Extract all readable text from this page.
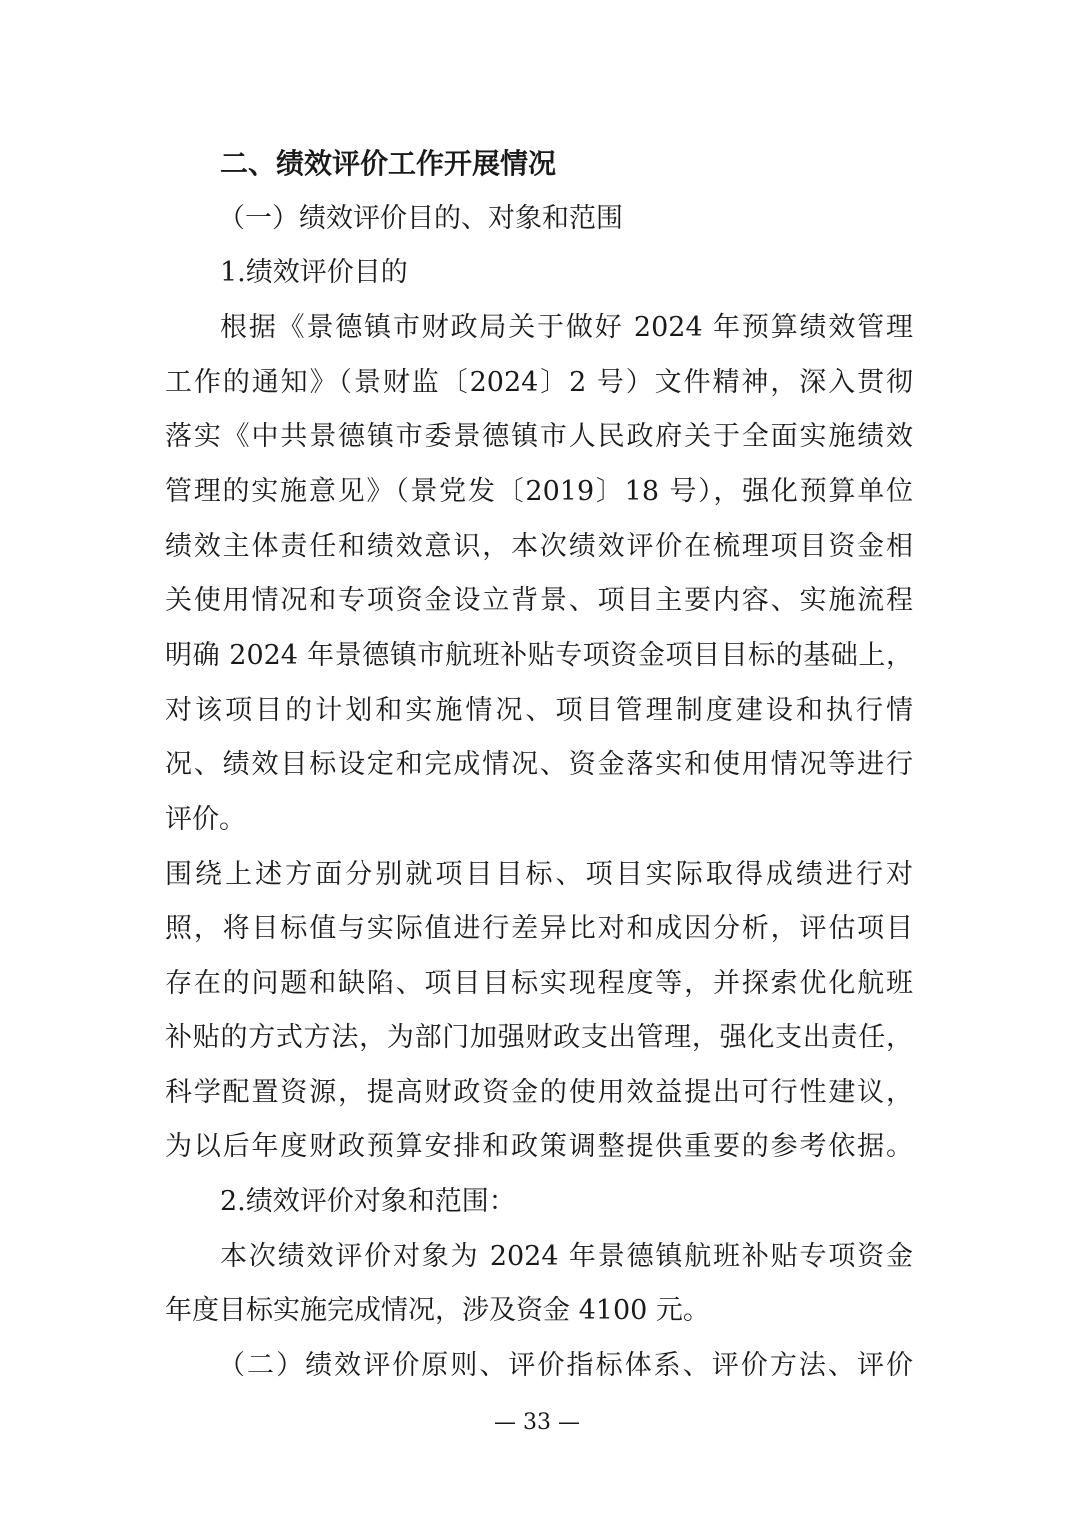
二、绩效评价工作开展情况
（一）绩效评价目的、对象和范围
1.绩效评价目的
根据《景德镇市财政局关于做好 2024 年预算绩效管理
工作的通知》（景财监〔2024〕2 号）文件精神，深入贯彻
落实《中共景德镇市委景德镇市人民政府关于全面实施绩效
管理的实施意见》（景党发〔2019〕18 号），强化预算单位
绩效主体责任和绩效意识，本次绩效评价在梳理项目资金相
关使用情况和专项资金设立背景、项目主要内容、实施流程
明确 2024 年景德镇市航班补贴专项资金项目目标的基础上，
对该项目的计划和实施情况、项目管理制度建设和执行情
况、绩效目标设定和完成情况、资金落实和使用情况等进行
评价。
围绕上述方面分别就项目目标、项目实际取得成绩进行对
照，将目标值与实际值进行差异比对和成因分析，评估项目
存在的问题和缺陷、项目目标实现程度等，并探索优化航班
补贴的方式方法，为部门加强财政支出管理，强化支出责任，
科学配置资源，提高财政资金的使用效益提出可行性建议，
为以后年度财政预算安排和政策调整提供重要的参考依据。
2.绩效评价对象和范围：
本次绩效评价对象为 2024 年景德镇航班补贴专项资金
年度目标实施完成情况，涉及资金 4100 元。
（二）绩效评价原则、评价指标体系、评价方法、评价
— 33 —
